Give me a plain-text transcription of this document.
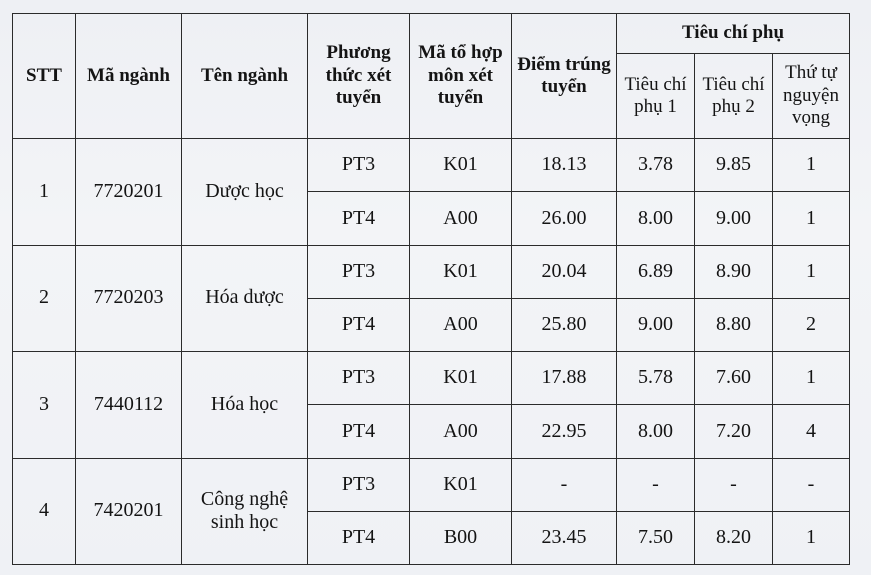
STT	Mã ngành	Tên ngành	Phương thức xét tuyển	Mã tổ hợp môn xét tuyển	Điểm trúng tuyển	Tiêu chí phụ		
						Tiêu chí phụ 1	Tiêu chí phụ 2	Thứ tự nguyện vọng
1	7720201	Dược học	PT3	K01	18.13	3.78	9.85	1
			PT4	A00	26.00	8.00	9.00	1
2	7720203	Hóa dược	PT3	K01	20.04	6.89	8.90	1
			PT4	A00	25.80	9.00	8.80	2
3	7440112	Hóa học	PT3	K01	17.88	5.78	7.60	1
			PT4	A00	22.95	8.00	7.20	4
4	7420201	Công nghệ sinh học	PT3	K01	-	-	-	-
			PT4	B00	23.45	7.50	8.20	1
